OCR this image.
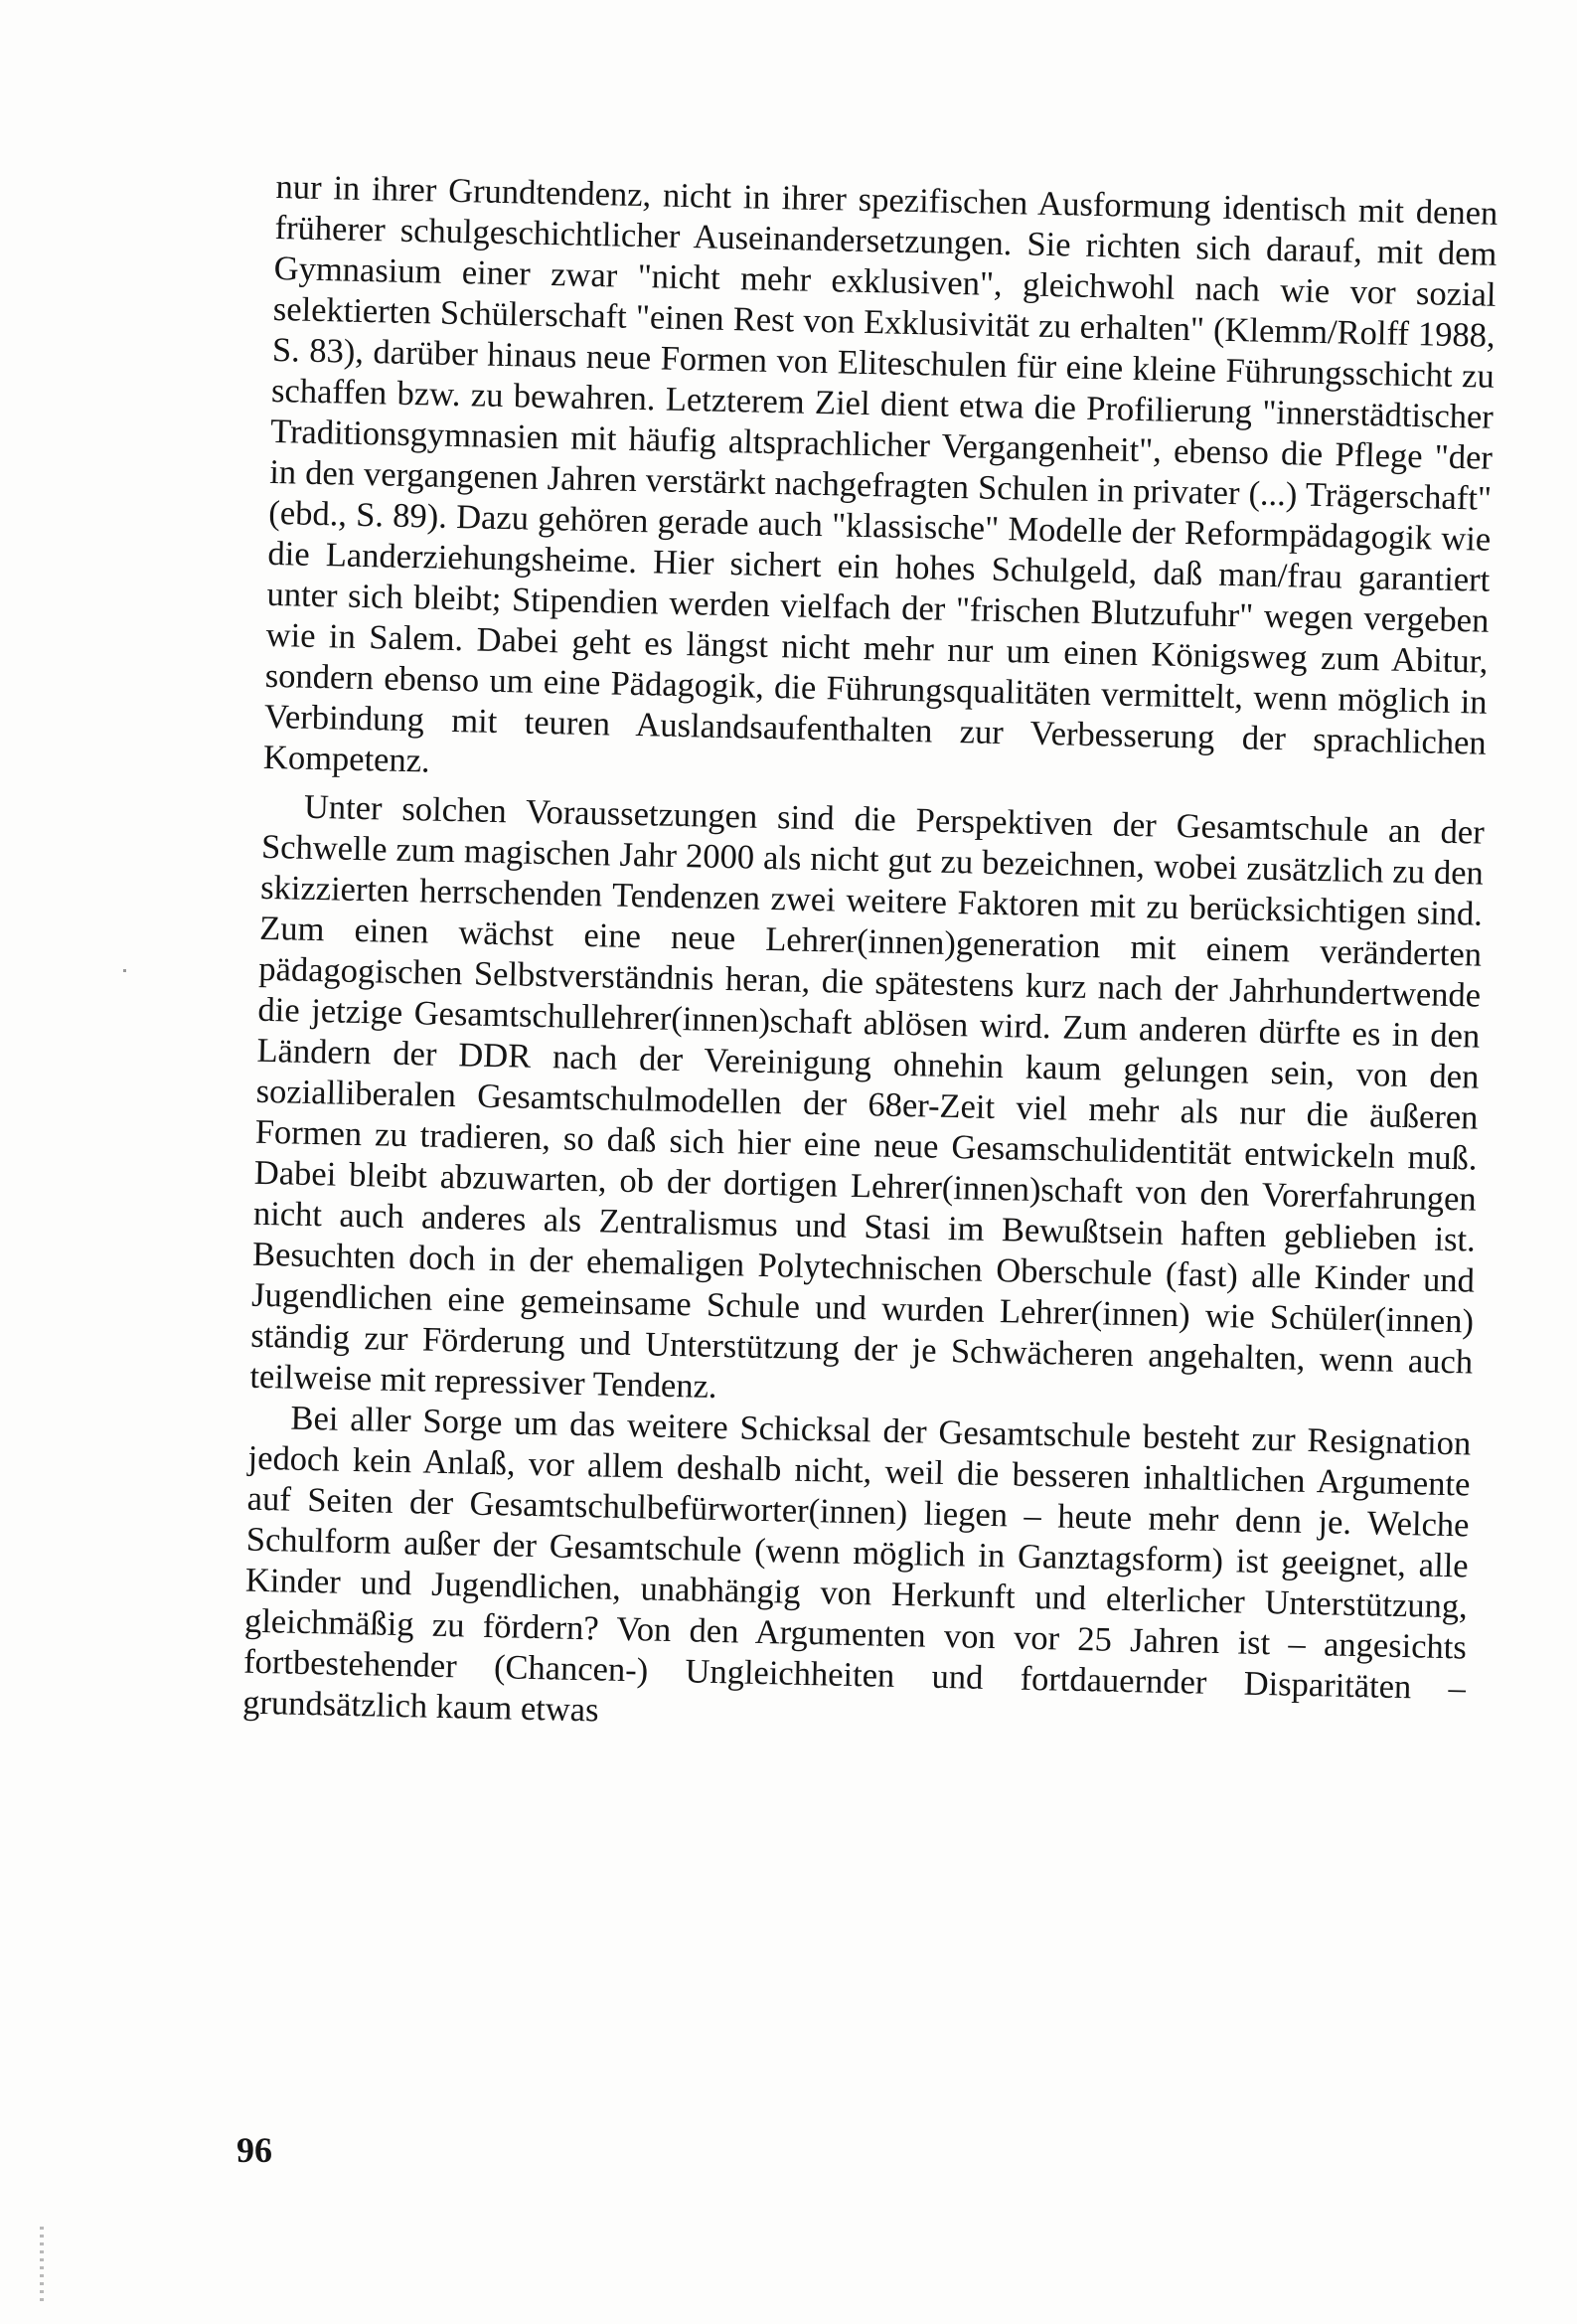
nur in ihrer Grundtendenz, nicht in ihrer spezifischen Ausformung identisch mit denen früherer schulgeschichtlicher Auseinandersetzungen. Sie richten sich darauf, mit dem Gymnasium einer zwar "nicht mehr exklusiven", gleichwohl nach wie vor sozial selektierten Schülerschaft "einen Rest von Exklusivität zu erhalten" (Klemm/Rolff 1988, S. 83), darüber hinaus neue Formen von Eliteschulen für eine kleine Führungsschicht zu schaffen bzw. zu bewahren. Letzterem Ziel dient etwa die Profilierung "innerstädtischer Traditionsgymnasien mit häufig altsprachlicher Vergangenheit", ebenso die Pflege "der in den vergangenen Jahren verstärkt nachgefragten Schulen in privater (...) Trägerschaft" (ebd., S. 89). Dazu gehören gerade auch "klassische" Modelle der Reformpädagogik wie die Landerziehungsheime. Hier sichert ein hohes Schulgeld, daß man/frau garantiert unter sich bleibt; Stipendien werden vielfach der "frischen Blutzufuhr" wegen vergeben wie in Salem. Dabei geht es längst nicht mehr nur um einen Königsweg zum Abitur, sondern ebenso um eine Pädagogik, die Führungsqualitäten vermittelt, wenn möglich in Verbindung mit teuren Auslandsaufenthalten zur Verbesserung der sprachlichen Kompetenz.

Unter solchen Voraussetzungen sind die Perspektiven der Gesamtschule an der Schwelle zum magischen Jahr 2000 als nicht gut zu bezeichnen, wobei zusätzlich zu den skizzierten herrschenden Tendenzen zwei weitere Faktoren mit zu berücksichtigen sind. Zum einen wächst eine neue Lehrer(innen)generation mit einem veränderten pädagogischen Selbstverständnis heran, die spätestens kurz nach der Jahrhundertwende die jetzige Gesamtschullehrer(innen)schaft ablösen wird. Zum anderen dürfte es in den Ländern der DDR nach der Vereinigung ohnehin kaum gelungen sein, von den sozialliberalen Gesamtschulmodellen der 68er-Zeit viel mehr als nur die äußeren Formen zu tradieren, so daß sich hier eine neue Gesamschulidentität entwickeln muß. Dabei bleibt abzuwarten, ob der dortigen Lehrer(innen)schaft von den Vorerfahrungen nicht auch anderes als Zentralismus und Stasi im Bewußtsein haften geblieben ist. Besuchten doch in der ehemaligen Polytechnischen Oberschule (fast) alle Kinder und Jugendlichen eine gemeinsame Schule und wurden Lehrer(innen) wie Schüler(innen) ständig zur Förderung und Unterstützung der je Schwächeren angehalten, wenn auch teilweise mit repressiver Tendenz.

Bei aller Sorge um das weitere Schicksal der Gesamtschule besteht zur Resignation jedoch kein Anlaß, vor allem deshalb nicht, weil die besseren inhaltlichen Argumente auf Seiten der Gesamtschulbefürworter(innen) liegen – heute mehr denn je. Welche Schulform außer der Gesamtschule (wenn möglich in Ganztagsform) ist geeignet, alle Kinder und Jugendlichen, unabhängig von Herkunft und elterlicher Unterstützung, gleichmäßig zu fördern? Von den Argumenten von vor 25 Jahren ist – angesichts fortbestehender (Chancen-) Ungleichheiten und fortdauernder Disparitäten – grundsätzlich kaum etwas

96
